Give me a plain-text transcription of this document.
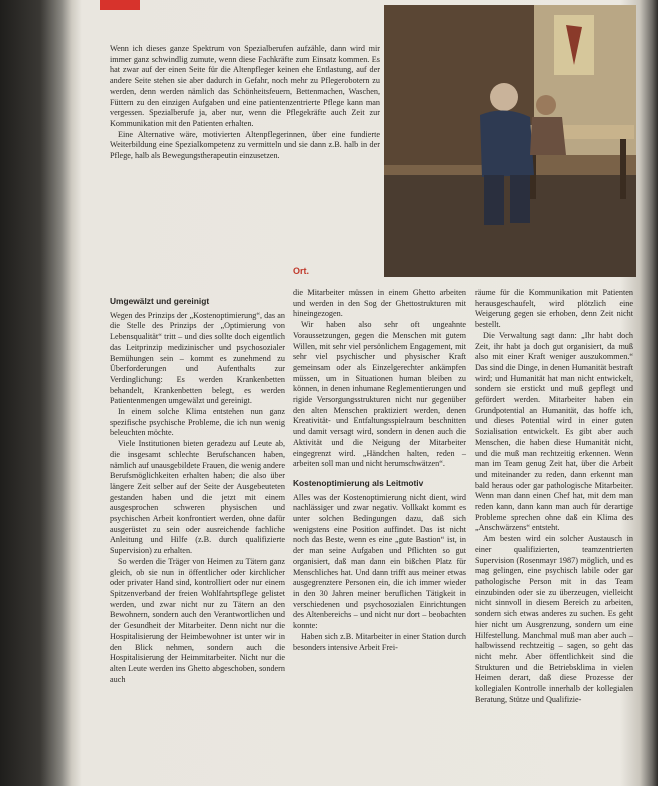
Wenn ich dieses ganze Spektrum von Spezialberufen aufzähle, dann wird mir immer ganz schwindlig zumute, wenn diese Fachkräfte zum Einsatz kommen. Es hat zwar auf der einen Seite für die Altenpfleger keinen ehe Entlastung, auf der andere Seite stehen sie aber dadurch in Gefahr, noch mehr zu Pflegerobotern zu werden, denn werden nämlich das Schönheitsfeuern, Bettenmachen, Waschen, Füttern zu den einzigen Aufgaben und eine patientenzentrierte Pflege kann man vergessen. Spezialberufe ja, aber nur, wenn die Pflegekräfte auch Zeit zur Kommunikation mit den Patienten erhalten.

Eine Alternative wäre, motivierten Altenpflegerinnen, über eine fundierte Weiterbildung eine Spezialkompetenz zu vermitteln und sie dann z.B. halb in der Pflege, halb als Bewegungstherapeutin einzusetzen.

Ort.
Umgewälzt und gereinigt

Wegen des Prinzips der „Kostenoptimierung“, das an die Stelle des Prinzips der „Optimierung von Lebensqualität“ tritt – und dies sollte doch eigentlich das Leitprinzip medizinischer und psychosozialer Bemühungen sein – kommt es zunehmend zu Überforderungen und Aufenthalts zur Verdinglichung: Es werden Krankenbetten behandelt, Krankenbetten belegt, es werden Patientenmengen umgewälzt und gereinigt.

In einem solche Klima entstehen nun ganz spezifische psychische Probleme, die ich nun wenig beleuchten möchte.

Viele Institutionen bieten geradezu auf Leute ab, die insgesamt schlechte Berufschancen haben, nämlich auf unausgebildete Frauen, die wenig andere Berufsmöglichkeiten erhalten haben; die also über längere Zeit selber auf der Seite der Ausgebeuteten gestanden haben und die jetzt mit einem ausgesprochen schweren physischen und psychischen Arbeit konfrontiert werden, ohne dafür ausgerüstet zu sein oder ausreichende fachliche Anleitung und Hilfe (z.B. durch qualifizierte Supervision) zu erhalten.

So werden die Träger von Heimen zu Tätern ganz gleich, ob sie nun in öffentlicher oder kirchlicher oder privater Hand sind, kontrolliert oder nur einem Spitzenverband der freien Wohlfahrtspflege gelistet werden, und zwar nicht nur zu Tätern an den Bewohnern, sondern auch den Verantwortlichen und der Gesundheit der Mitarbeiter. Denn nicht nur die Hospitalisierung der Heimbewohner ist unter wir in den Blick nehmen, sondern auch die Hospitalisierung der Heimmitarbeiter. Nicht nur die alten Leute werden ins Ghetto abgeschoben, sondern auch

die Mitarbeiter müssen in einem Ghetto arbeiten und werden in den Sog der Ghettostrukturen mit hineingezogen.

Wir haben also sehr oft ungeahnte Voraussetzungen, gegen die Menschen mit gutem Willen, mit sehr viel persönlichem Engagement, mit sehr viel psychischer und physischer Kraft gemeinsam oder als Einzelgerechter ankämpfen müssen, um in Situationen human bleiben zu können, in denen inhumane Reglementierungen und rigide Versorgungsstrukturen nicht nur gegenüber den alten Menschen praktiziert werden, denen Kreativität- und Entfaltungsspielraum beschnitten und damit versagt wird, sondern in denen auch die Aktivität und die Neigung der Mitarbeiter eingegrenzt wird. „Händchen halten, reden – arbeiten soll man und nicht herumschwätzen“.

Kostenoptimierung als Leitmotiv

Alles was der Kostenoptimierung nicht dient, wird nachlässiger und zwar negativ. Vollkakt kommt es unter solchen Bedingungen dazu, daß sich wenigstens eine Position auffindet. Das ist nicht noch das Beste, wenn es eine „gute Bastion“ ist, in der man seine Aufgaben und Pflichten so gut organisiert, daß man dann ein bißchen Platz für Menschliches hat. Und dann trifft aus meiner etwas ausgegrenztere Personen ein, die ich immer wieder in den 30 Jahren meiner beruflichen Tätigkeit in verschiedenen und psychosozialen Einrichtungen des Altenbereichs – und nicht nur dort – beobachten konnte:

Haben sich z.B. Mitarbeiter in einer Station durch besonders intensive Arbeit Frei-

räume für die Kommunikation mit Patienten herausgeschaufelt, wird plötzlich eine Weigerung gegen sie erhoben, denn Zeit nicht bestellt.

Die Verwaltung sagt dann: „Ihr habt doch Zeit, ihr habt ja doch gut organisiert, da muß also mit einer Kraft weniger auszukommen.“ Das sind die Dinge, in denen Humanität bestraft wird; und Humanität hat man nicht entwickelt, sondern sie erstickt und muß gepflegt und gefördert werden. Mitarbeiter haben ein Grundpotential an Humanität, das hoffe ich, und dieses Potential wird in einer guten Sozialisation entwickelt. Es gibt aber auch Menschen, die haben diese Humanität nicht, und die muß man rechtzeitig erkennen. Wenn man im Team genug Zeit hat, über die Arbeit und miteinander zu reden, dann erkennt man bald heraus oder gar pathologische Mitarbeiter. Wenn man dann einen Chef hat, mit dem man reden kann, dann kann man auch für derartige Probleme sprechen ohne daß ein Klima des „Anschwärzens“ entsteht.

Am besten wird ein solcher Austausch in einer qualifizierten, teamzentrierten Supervision (Rosenmayr 1987) möglich, und es mag gelingen, eine psychisch labile oder gar pathologische Person mit in das Team einzubinden oder sie zu überzeugen, vielleicht nicht sinnvoll in diesem Bereich zu arbeiten, sondern sich etwas anderes zu suchen. Es geht hier nicht um Ausgrenzung, sondern um eine Hilfestellung. Manchmal muß man aber auch – halbwissend rechtzeitig – sagen, so geht das nicht mehr. Aber öffentlichkeit sind die Strukturen und die Betriebsklima in vielen Heimen derart, daß diese Prozesse der kollegialen Kontrolle innerhalb der kollegialen Beratung, Stütze und Qualifizie-
